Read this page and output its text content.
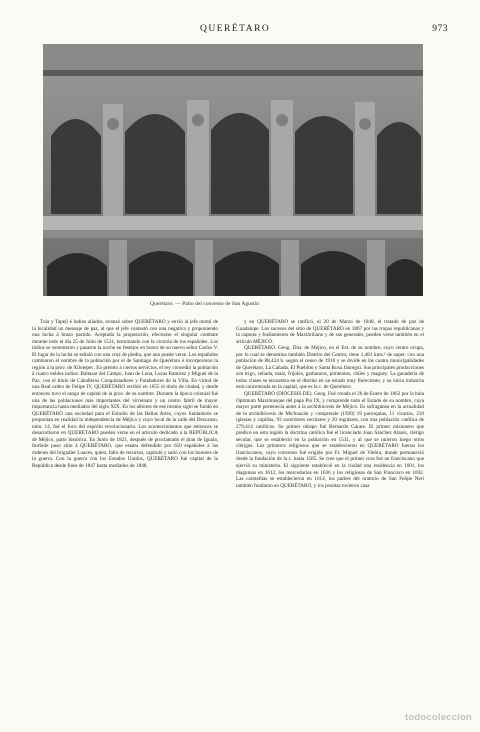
QUERÉTARO	973
Querétaro. — Patio del convento de San Agustín

Tula y Tapejí é indios aliados, avanzó sobre QUERÉTARO y envió al jefe otomí de la localidad un mensaje de paz, al que el jefe contestó con una negativa y proponiendo una lucha á brazo partido. Aceptada la proposición, efectuóse el singular combate durante todo el día 25 de Julio de 1531, terminando con la victoria de los españoles. Los indios se sometieron y pasaron la noche en festejos en honor de su nuevo señor Carlos V. El lugar de la lucha se señaló con una cruz de piedra, que aun puede verse. Los españoles cambiaron el nombre de la población por el de Santiago de Querétaro é incorporaron la región á la prov. de Xilotepec. En premio á ciertos servicios, el rey concedió la población á cuatro nobles indios: Baltasar del Campo, Juan de Luna, Lucas Ramírez y Miguel de la Paz, con el título de Caballeros Conquistadores y Fundadores de la Villa. En virtud de una Real orden de Felipe IV, QUERÉTARO recibió en 1655 el título de ciudad, y desde entonces tuvo el rango de capital de la prov. de su nombre. Durante la época colonial fué una de las poblaciones más importantes del virreinato y un centro fabril de mayor importancia hasta mediados del siglo XIX. En los albores de ese mismo siglo se fundó en QUERÉTARO una sociedad para el Estudio de las Bellas Artes, cuyos fundadores se proponían en realidad la independencia de Méjico y cuyo local de la calle del Descanso, núm. 14, fué el foco del espíritu revolucionario. Los acontecimientos que entonces se desarrollaron en QUERÉTARO pueden verse en el artículo dedicado á la REPÚBLICA de Méjico, parte histórica. En Junio de 1821, después de proclamado el plan de Iguala, Iturbide puso sitio á QUERÉTARO, que estaba defendido por 650 españoles á las órdenes del brigadier Luaces, quien, falto de recursos, capituló y salió con los honores de la guerra. Con la guerra con los Estados Unidos, QUERÉTARO fué capital de la República desde fines de 1847 hasta mediados de 1848,

y en QUERÉTARO se ratificó, el 20 de Marzo de 1848, el tratado de paz de Guadalupe. Los sucesos del sitio de QUERÉTARO en 1867 por las tropas republicanas y la captura y fusilamiento de Maximiliano y de sus generales, pueden verse también en el artículo MÉJICO.

QUERÉTARO. Geog. Dist. de Méjico, en el Est. de su nombre, cuyo centro ocupa, por lo cual se denomina también Distrito del Centro; tiene 1,481 kms.² de super. con una población de 88,424 h. según el censo de 1910 y se divide en las cuatro municipalidades de Querétaro, La Cañada, El Pueblito y Santa Rosa Jáuregui. Sus principales producciones son trigo, cebada, maíz, frijoles, garbanzos, pimientos, chiles y maguey. La ganadería de todos clases se encuentra en el distrito en un estado muy floreciente, y su única industria está concentrada en la capital, que es la c. de Querétaro.

QUERÉTARO (DIÓCESIS DE). Geog. Fué creada el 26 de Enero de 1862 por la bula Optimum Maximusque del papa Pío IX, y comprende todo el Estado de su nombre, cuya mayor parte pertenecía antes á la archidiócesis de Méjico. Es sufragánea en la actualidad de la archidiócesis de Michoacán y comprende (1920) 19 parroquias, 11 vicarías, 210 iglesias y capillas, 93 sacerdotes seculares y 20 regulares, con una población católica de 279,414 católicos. Su primer obispo fué Bernardo Gárate. El primer misionero que predicó en esta región la doctrina católica fué el licenciado Juan Sánchez Alanís, clérigo secular, que se estableció en la población en 1531, y al que se unieron luego otros clérigos. Los primeros religiosos que se establecieron en QUERÉTARO fueron los franciscanos, cuyo convento fué erigido por Fr. Miguel de Viebra, donde permaneció desde la fundación de la c. hasta 1585. Se cree que el primer cura fué un franciscano que ejerció su ministerio. El siguiente estableció en la ciudad una residencia en 1601, los diaguinos en 1612, los mercedarios en 1636 y los religiosos de San Francisco en 1692. Las carmelitas se establecieron en 1614, los padres del oratorio de San Felipe Neri también fundaron en QUERÉTARO, y los jesuitas tuvieron casa

todocoleccion
